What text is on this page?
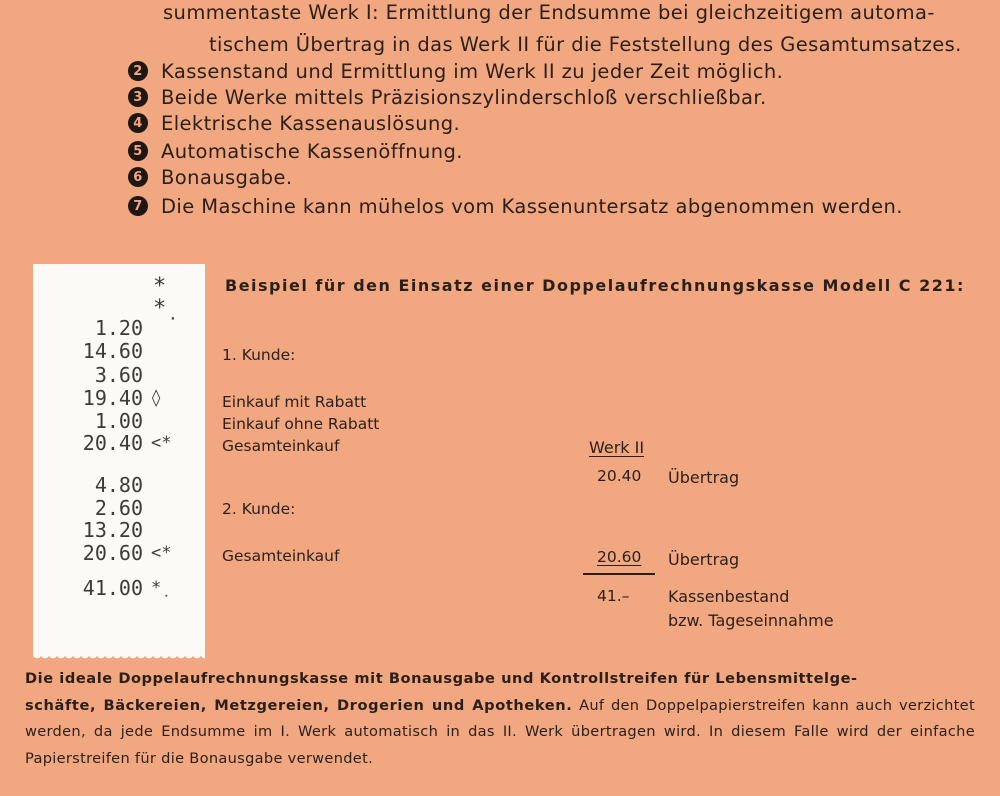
summentaste Werk I: Ermittlung der Endsumme bei gleichzeitigem automa-
tischem Übertrag in das Werk II für die Feststellung des Gesamtumsatzes.
2 Kassenstand und Ermittlung im Werk II zu jeder Zeit möglich.
3 Beide Werke mittels Präzisionszylinderschloß verschließbar.
4 Elektrische Kassenauslösung.
5 Automatische Kassenöffnung.
6 Bonausgabe.
7 Die Maschine kann mühelos vom Kassenuntersatz abgenommen werden.
*
*̣
1.20
14.60
3.60
19.40 ◊
1.00
20.40 <*
4.80
2.60
13.20
20.60 <*
41.00 *̣
Beispiel für den Einsatz einer Doppelaufrechnungskasse Modell C 221:
1. Kunde:
Einkauf mit Rabatt
Einkauf ohne Rabatt
Gesamteinkauf
2. Kunde:
Gesamteinkauf
Werk II
20.40 Übertrag
20.60 Übertrag
41.– Kassenbestand
bzw. Tageseinnahme
Die ideale Doppelaufrechnungskasse mit Bonausgabe und Kontrollstreifen für Lebensmittelge-
schäfte, Bäckereien, Metzgereien, Drogerien und Apotheken. Auf den Doppelpapierstreifen kann auch verzichtet werden, da jede Endsumme im I. Werk automatisch in das II. Werk übertragen wird. In diesem Falle wird der einfache Papierstreifen für die Bonausgabe verwendet.
